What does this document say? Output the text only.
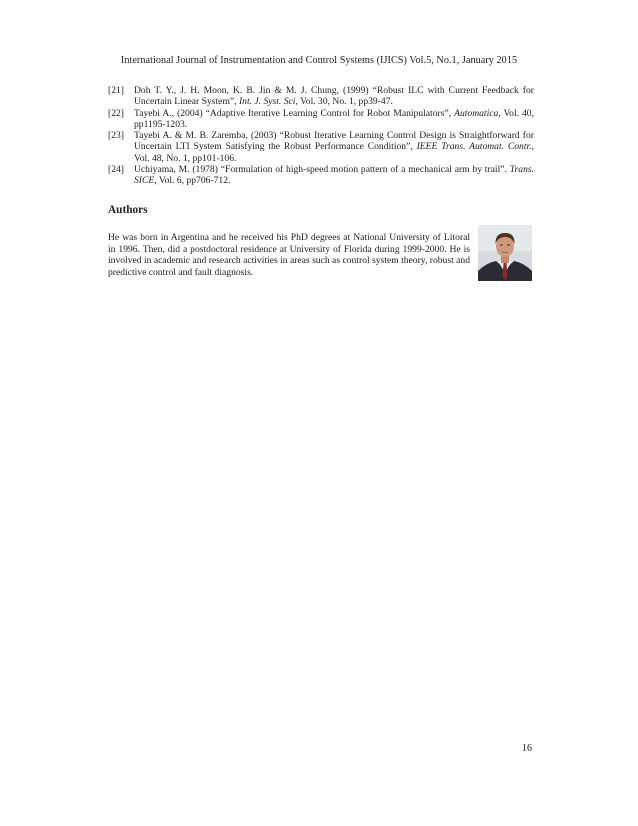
International Journal of Instrumentation and Control Systems (IJICS) Vol.5, No.1, January 2015
[21]	Doh T. Y., J. H. Moon, K. B. Jin & M. J. Chung, (1999) “Robust ILC with Current Feedback for Uncertain Linear System”, Int. J. Syst. Sci, Vol. 30, No. 1, pp39-47.
[22]	Tayebi A., (2004) “Adaptive Iterative Learning Control for Robot Manipulators”, Automatica, Vol. 40, pp1195-1203.
[23]	Tayebi A. & M. B. Zaremba, (2003) “Robust Iterative Learning Control Design is Straightforward for Uncertain LTI System Satisfying the Robust Performance Condition”, IEEE Trans. Automat. Contr., Vol. 48, No. 1, pp101-106.
[24]	Uchiyama, M. (1978) “Formulation of high-speed motion pattern of a mechanical arm by trail”. Trans. SICE, Vol. 6, pp706-712.
Authors
He was born in Argentina and he received his PhD degrees at National University of Litoral in 1996. Then, did a postdoctoral residence at University of Florida during 1999-2000. He is involved in academic and research activities in areas such as control system theory, robust and predictive control and fault diagnosis.
16
